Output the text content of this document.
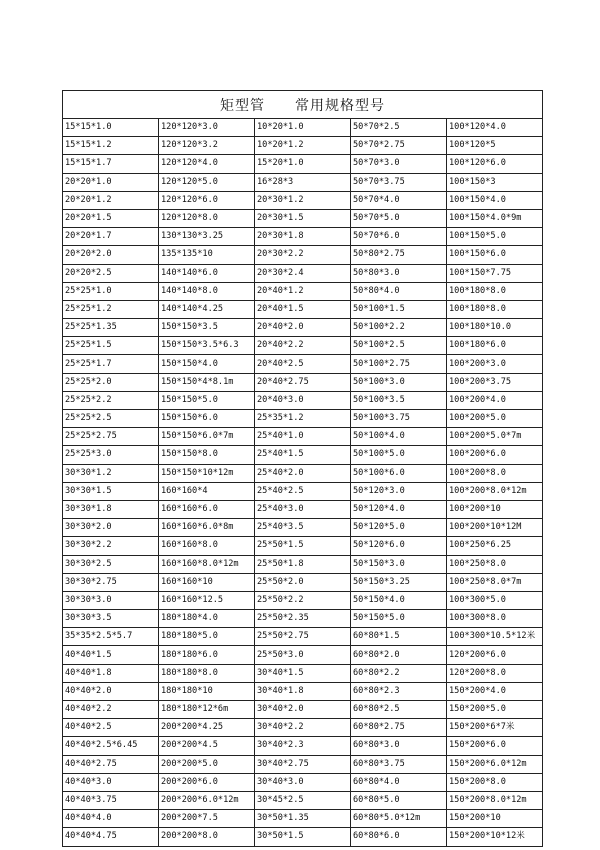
矩型管　　常用规格型号				
15*15*1.0	120*120*3.0	10*20*1.0	50*70*2.5	100*120*4.0
15*15*1.2	120*120*3.2	10*20*1.2	50*70*2.75	100*120*5
15*15*1.7	120*120*4.0	15*20*1.0	50*70*3.0	100*120*6.0
20*20*1.0	120*120*5.0	16*28*3	50*70*3.75	100*150*3
20*20*1.2	120*120*6.0	20*30*1.2	50*70*4.0	100*150*4.0
20*20*1.5	120*120*8.0	20*30*1.5	50*70*5.0	100*150*4.0*9m
20*20*1.7	130*130*3.25	20*30*1.8	50*70*6.0	100*150*5.0
20*20*2.0	135*135*10	20*30*2.2	50*80*2.75	100*150*6.0
20*20*2.5	140*140*6.0	20*30*2.4	50*80*3.0	100*150*7.75
25*25*1.0	140*140*8.0	20*40*1.2	50*80*4.0	100*180*8.0
25*25*1.2	140*140*4.25	20*40*1.5	50*100*1.5	100*180*8.0
25*25*1.35	150*150*3.5	20*40*2.0	50*100*2.2	100*180*10.0
25*25*1.5	150*150*3.5*6.3	20*40*2.2	50*100*2.5	100*180*6.0
25*25*1.7	150*150*4.0	20*40*2.5	50*100*2.75	100*200*3.0
25*25*2.0	150*150*4*8.1m	20*40*2.75	50*100*3.0	100*200*3.75
25*25*2.2	150*150*5.0	20*40*3.0	50*100*3.5	100*200*4.0
25*25*2.5	150*150*6.0	25*35*1.2	50*100*3.75	100*200*5.0
25*25*2.75	150*150*6.0*7m	25*40*1.0	50*100*4.0	100*200*5.0*7m
25*25*3.0	150*150*8.0	25*40*1.5	50*100*5.0	100*200*6.0
30*30*1.2	150*150*10*12m	25*40*2.0	50*100*6.0	100*200*8.0
30*30*1.5	160*160*4	25*40*2.5	50*120*3.0	100*200*8.0*12m
30*30*1.8	160*160*6.0	25*40*3.0	50*120*4.0	100*200*10
30*30*2.0	160*160*6.0*8m	25*40*3.5	50*120*5.0	100*200*10*12M
30*30*2.2	160*160*8.0	25*50*1.5	50*120*6.0	100*250*6.25
30*30*2.5	160*160*8.0*12m	25*50*1.8	50*150*3.0	100*250*8.0
30*30*2.75	160*160*10	25*50*2.0	50*150*3.25	100*250*8.0*7m
30*30*3.0	160*160*12.5	25*50*2.2	50*150*4.0	100*300*5.0
30*30*3.5	180*180*4.0	25*50*2.35	50*150*5.0	100*300*8.0
35*35*2.5*5.7	180*180*5.0	25*50*2.75	60*80*1.5	100*300*10.5*12米
40*40*1.5	180*180*6.0	25*50*3.0	60*80*2.0	120*200*6.0
40*40*1.8	180*180*8.0	30*40*1.5	60*80*2.2	120*200*8.0
40*40*2.0	180*180*10	30*40*1.8	60*80*2.3	150*200*4.0
40*40*2.2	180*180*12*6m	30*40*2.0	60*80*2.5	150*200*5.0
40*40*2.5	200*200*4.25	30*40*2.2	60*80*2.75	150*200*6*7米
40*40*2.5*6.45	200*200*4.5	30*40*2.3	60*80*3.0	150*200*6.0
40*40*2.75	200*200*5.0	30*40*2.75	60*80*3.75	150*200*6.0*12m
40*40*3.0	200*200*6.0	30*40*3.0	60*80*4.0	150*200*8.0
40*40*3.75	200*200*6.0*12m	30*45*2.5	60*80*5.0	150*200*8.0*12m
40*40*4.0	200*200*7.5	30*50*1.35	60*80*5.0*12m	150*200*10
40*40*4.75	200*200*8.0	30*50*1.5	60*80*6.0	150*200*10*12米
